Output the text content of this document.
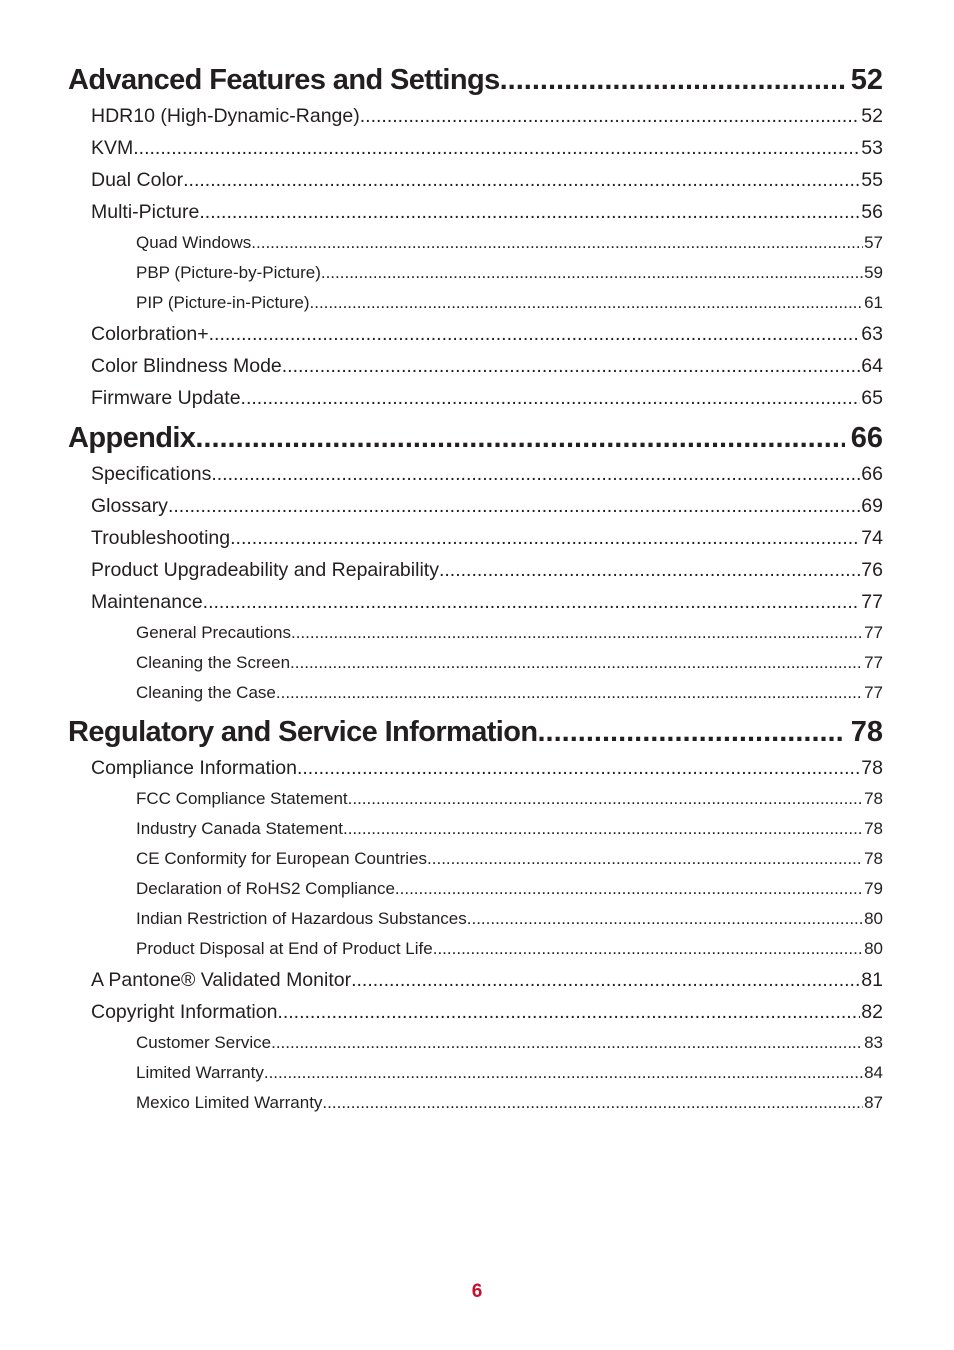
Advanced Features and Settings .....	52
HDR10 (High-Dynamic-Range) .....	52
KVM .....	53
Dual Color .....	55
Multi-Picture .....	56
Quad Windows .....	57
PBP (Picture-by-Picture) .....	59
PIP (Picture-in-Picture) .....	61
Colorbration+ .....	63
Color Blindness Mode .....	64
Firmware Update .....	65
Appendix .....	66
Specifications .....	66
Glossary .....	69
Troubleshooting .....	74
Product Upgradeability and Repairability .....	76
Maintenance .....	77
General Precautions .....	77
Cleaning the Screen .....	77
Cleaning the Case .....	77
Regulatory and Service Information .....	78
Compliance Information .....	78
FCC Compliance Statement .....	78
Industry Canada Statement .....	78
CE Conformity for European Countries .....	78
Declaration of RoHS2 Compliance .....	79
Indian Restriction of Hazardous Substances .....	80
Product Disposal at End of Product Life .....	80
A Pantone® Validated Monitor .....	81
Copyright Information .....	82
Customer Service .....	83
Limited Warranty .....	84
Mexico Limited Warranty .....	87
6
